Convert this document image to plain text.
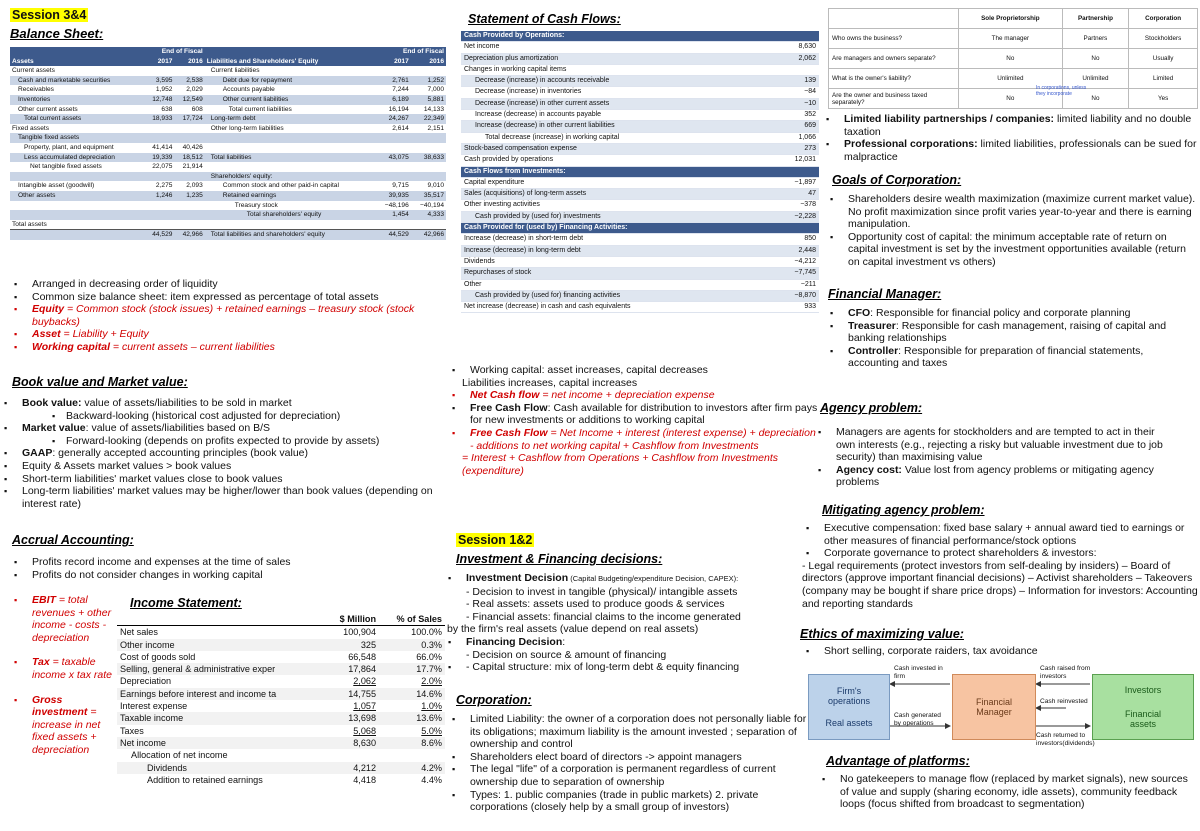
Session 3&4
Balance Sheet:
	End of Fiscal			End of Fiscal	
Assets	2017	2016	Liabilities and Shareholders' Equity	2017	2016
Current assets			Current liabilities		
Cash and marketable securities	3,595	2,538	Debt due for repayment	2,761	1,252
Receivables	1,952	2,029	Accounts payable	7,244	7,000
Inventories	12,748	12,549	Other current liabilities	6,189	5,881
Other current assets	638	608	Total current liabilities	16,194	14,133
Total current assets	18,933	17,724	Long-term debt	24,267	22,349
Fixed assets			Other long-term liabilities	2,614	2,151
Tangible fixed assets					
Property, plant, and equipment	41,414	40,426			
Less accumulated depreciation	19,339	18,512	Total liabilities	43,075	38,633
Net tangible fixed assets	22,075	21,914			
			Shareholders' equity:		
Intangible asset (goodwill)	2,275	2,093	Common stock and other paid-in capital	9,715	9,010
Other assets	1,246	1,235	Retained earnings	39,935	35,517
			Treasury stock	−48,196	−40,194
			Total shareholders' equity	1,454	4,333
Total assets					
	44,529	42,966	Total liabilities and shareholders' equity	44,529	42,966
▪ Arranged in decreasing order of liquidity
▪ Common size balance sheet: item expressed as percentage of total assets
▪ Equity = Common stock (stock issues) + retained earnings – treasury stock (stock buybacks)
▪ Asset = Liability + Equity
▪ Working capital = current assets – current liabilities
Book value and Market value:
▪ Book value: value of assets/liabilities to be sold in market
▪ Backward-looking (historical cost adjusted for depreciation)
▪ Market value: value of assets/liabilities based on B/S
▪ Forward-looking (depends on profits expected to provide by assets)
▪ GAAP: generally accepted accounting principles (book value)
▪ Equity & Assets market values > book values
▪ Short-term liabilities' market values close to book values
▪ Long-term liabilities' market values may be higher/lower than book values (depending on interest rate)
Accrual Accounting:
▪ Profits record income and expenses at the time of sales
▪ Profits do not consider changes in working capital
▪ EBIT = total revenues + other income - costs - depreciation
▪ Tax = taxable income x tax rate
▪ Gross investment = increase in net fixed assets + depreciation
Income Statement:
	$ Million	% of Sales
Net sales	100,904	100.0%
Other income	325	0.3%
Cost of goods sold	66,548	66.0%
Selling, general & administrative exper	17,864	17.7%
Depreciation	2,062	2.0%
Earnings before interest and income ta	14,755	14.6%
Interest expense	1,057	1.0%
Taxable income	13,698	13.6%
Taxes	5,068	5.0%
Net income	8,630	8.6%
Allocation of net income		
Dividends	4,212	4.2%
Addition to retained earnings	4,418	4.4%
Statement of Cash Flows:
Cash Provided by Operations:	
Net income	8,630
Depreciation plus amortization	2,062
Changes in working capital items	
Decrease (increase) in accounts receivable	139
Decrease (increase) in inventories	−84
Decrease (increase) in other current assets	−10
Increase (decrease) in accounts payable	352
Increase (decrease) in other current liabilities	669
Total decrease (increase) in working capital	1,066
Stock-based compensation expense	273
Cash provided by operations	12,031
Cash Flows from Investments:	
Capital expenditure	−1,897
Sales (acquisitions) of long-term assets	47
Other investing activities	−378
Cash provided by (used for) investments	−2,228
Cash Provided for (used by) Financing Activities:	
Increase (decrease) in short-term debt	850
Increase (decrease) in long-term debt	2,448
Dividends	−4,212
Repurchases of stock	−7,745
Other	−211
Cash provided by (used for) financing activities	−8,870
Net increase (decrease) in cash and cash equivalents	933
▪ Working capital: asset increases, capital decreases
Liabilities increases, capital increases
▪ Net Cash flow = net income + depreciation expense
▪ Free Cash Flow: Cash available for distribution to investors after firm pays for new investments or additions to working capital
▪ Free Cash Flow = Net Income + interest (interest expense) + depreciation - additions to net working capital + Cashflow from Investments
= Interest + Cashflow from Operations + Cashflow from Investments (expenditure)
Session 1&2
Investment & Financing decisions:
▪ Investment Decision (Capital Budgeting/expenditure Decision, CAPEX):
- Decision to invest in tangible (physical)/ intangible assets
- Real assets: assets used to produce goods & services
- Financial assets: financial claims to the income generated
by the firm's real assets (value depend on real assets)
▪ Financing Decision:
- Decision on source & amount of financing
▪ - Capital structure: mix of long-term debt & equity financing
Corporation:
▪ Limited Liability: the owner of a corporation does not personally liable for its obligations; maximum liability is the amount invested ; separation of ownership and control
▪ Shareholders elect board of directors -> appoint managers
▪ The legal "life" of a corporation is permanent regardless of current ownership due to separation of ownership
▪ Types: 1. public companies (trade in public markets) 2. private corporations (closely help by a small group of investors)
	Sole Proprietorship	Partnership	Corporation
Who owns the business?	The manager	Partners	Stockholders
Are managers and owners separate?	No	No	Usually
What is the owner's liability?	Unlimited	Unlimited	Limited
Are the owner and business taxed separately?	No	No	Yes
In corporations, unless they incorporate
▪ Limited liability partnerships / companies: limited liability and no double taxation
▪ Professional corporations: limited liabilities, professionals can be sued for malpractice
Goals of Corporation:
▪ Shareholders desire wealth maximization (maximize current market value). No profit maximization since profit varies year-to-year and there is earning manipulation.
▪ Opportunity cost of capital: the minimum acceptable rate of return on capital investment is set by the investment opportunities available (return on capital investment vs others)
Financial Manager:
▪ CFO: Responsible for financial policy and corporate planning
▪ Treasurer: Responsible for cash management, raising of capital and banking relationships
▪ Controller: Responsible for preparation of financial statements, accounting and taxes
Agency problem:
▪ Managers are agents for stockholders and are tempted to act in their own interests (e.g., rejecting a risky but valuable investment due to job security) than maximising value
▪ Agency cost: Value lost from agency problems or mitigating agency problems
Mitigating agency problem:
▪ Executive compensation: fixed base salary + annual award tied to earnings or other measures of financial performance/stock options
▪ Corporate governance to protect shareholders & investors:
- Legal requirements (protect investors from self-dealing by insiders) – Board of directors (approve important financial decisions) – Activist shareholders – Takeovers (company may be bought if share price drops) – Information for investors: Accounting and reporting standards
Ethics of maximizing value:
▪ Short selling, corporate raiders, tax avoidance
Firm's
operations
Real assets
Financial
Manager
Investors
Financial
assets
Cash invested in firm
Cash generated by operations
Cash raised from investors
Cash reinvested
Cash returned to investors(dividends)
Advantage of platforms:
▪ No gatekeepers to manage flow (replaced by market signals), new sources of value and supply (sharing economy, idle assets), community feedback loops (focus shifted from broadcast to segmentation)
